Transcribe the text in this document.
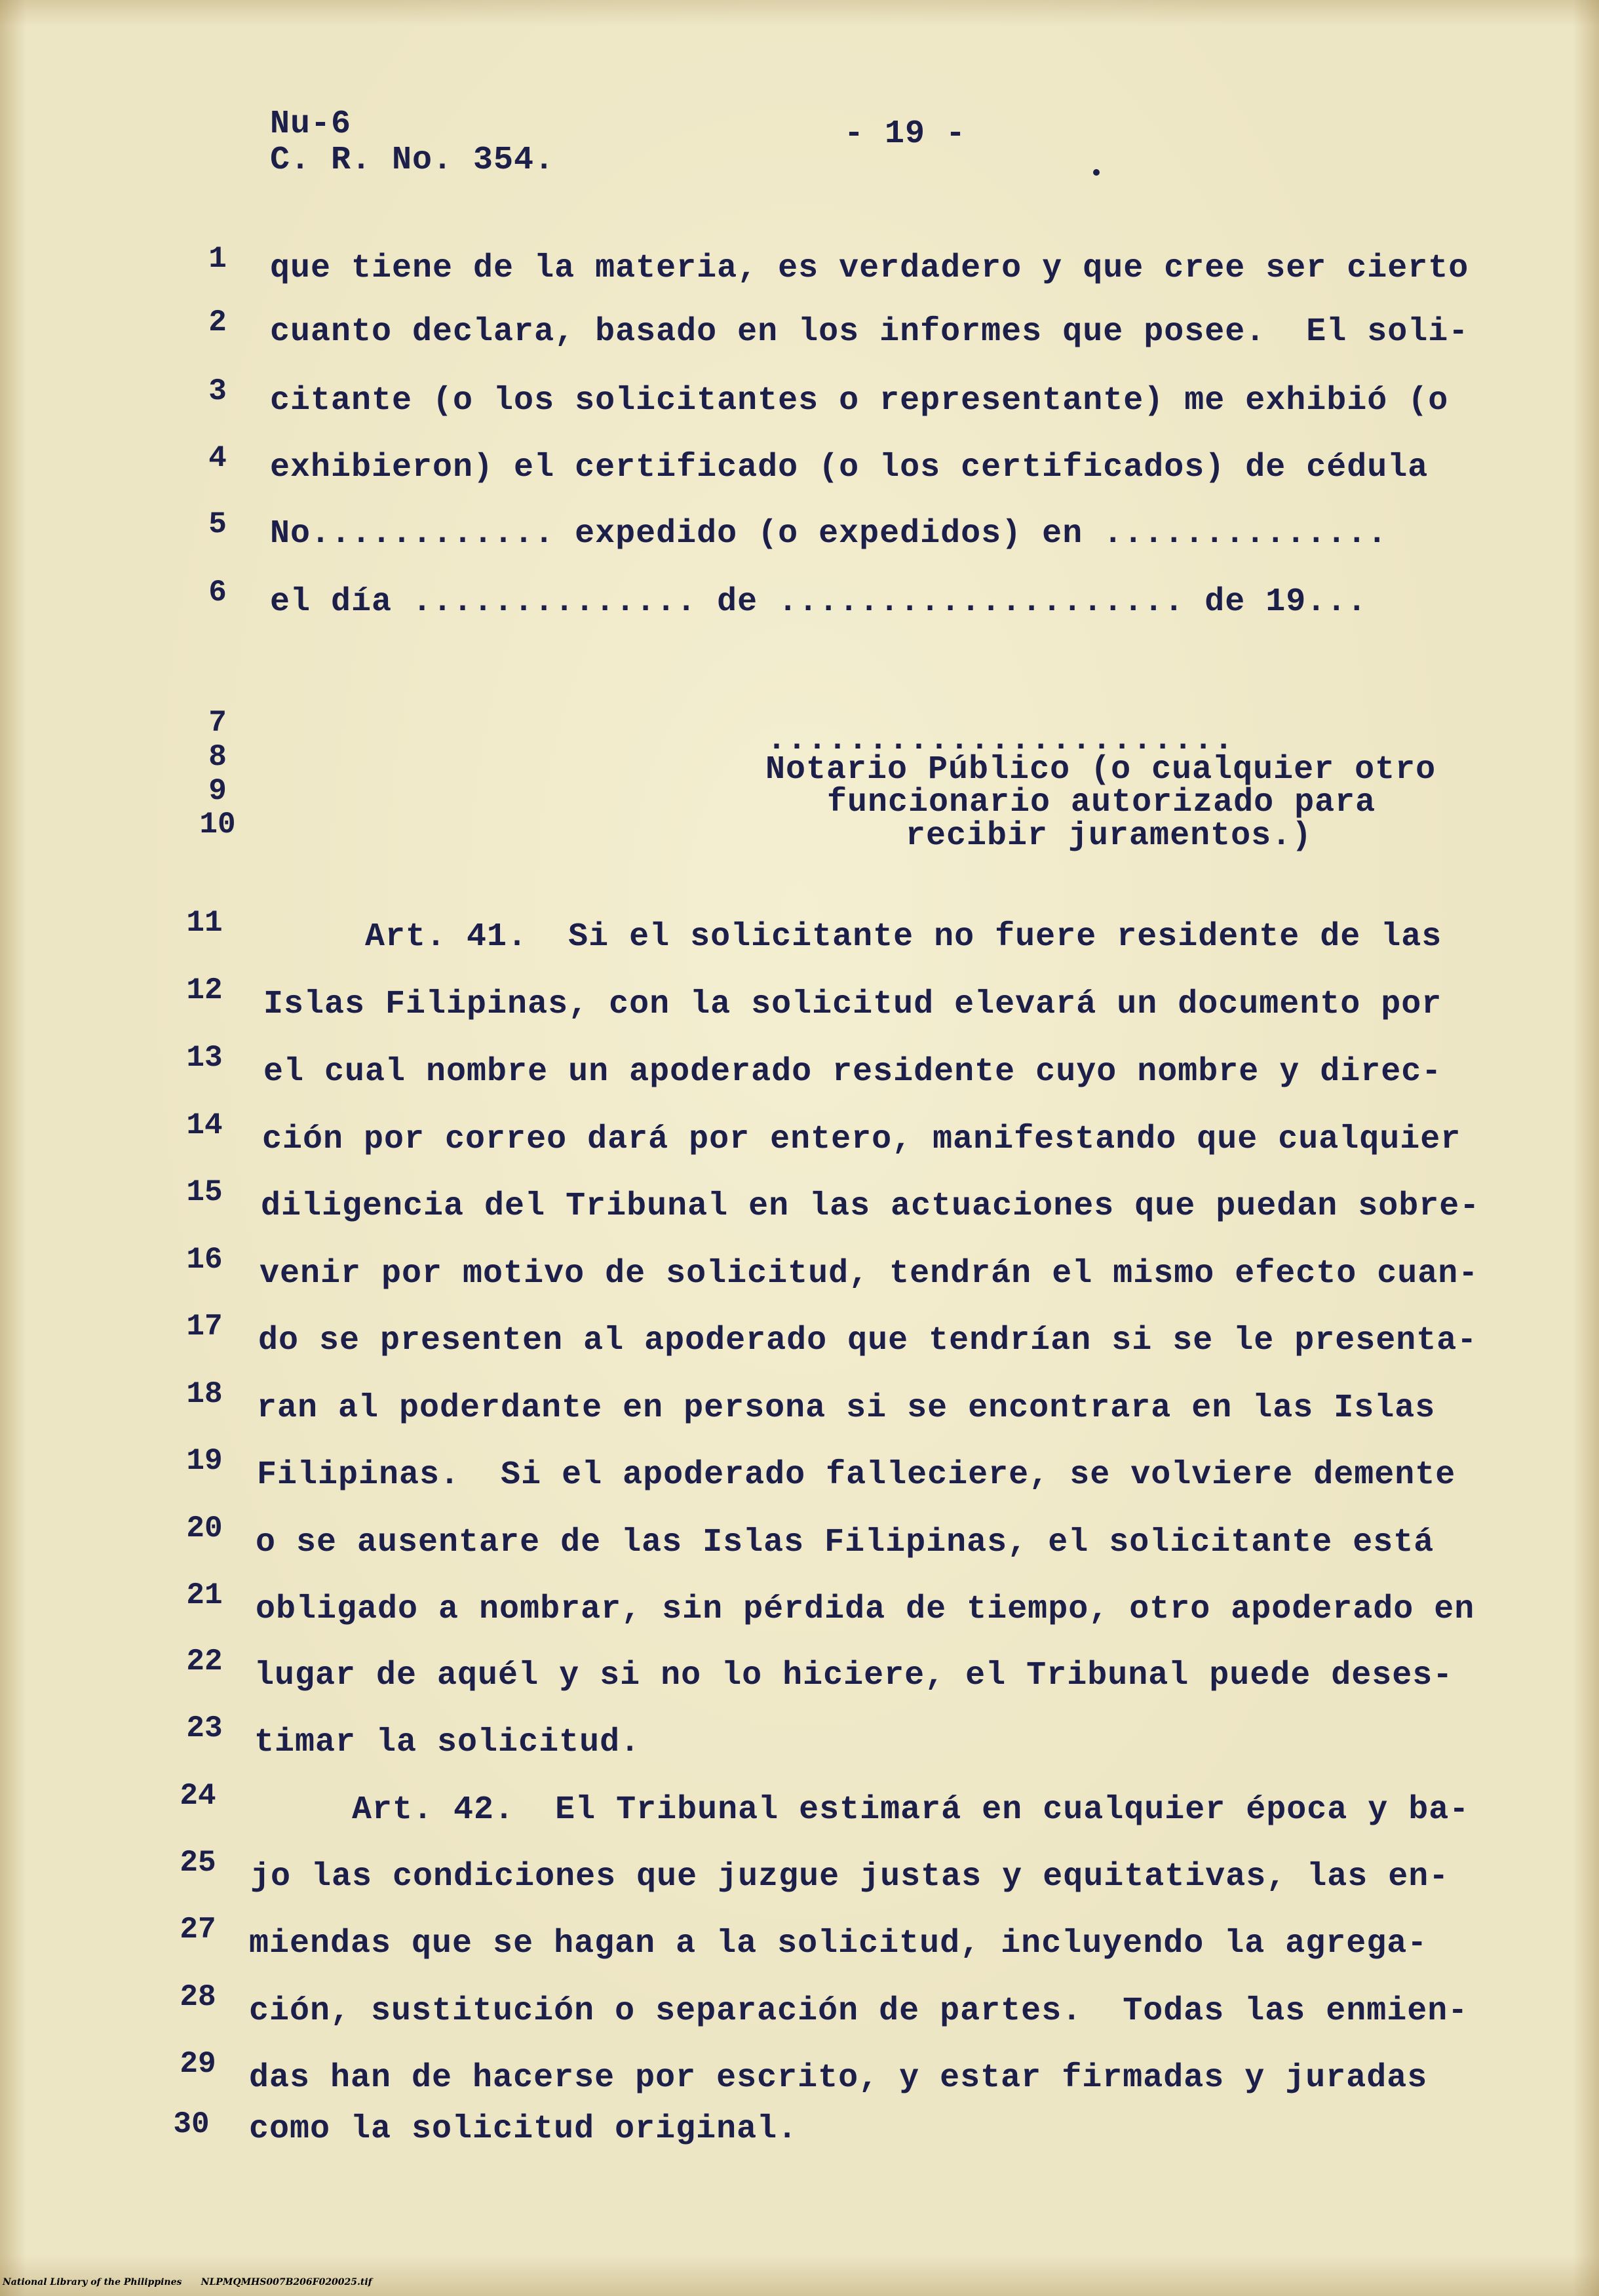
Nu-6
C. R. No. 354.
- 19 -
1
2
3
4
5
6
7
8
9
10
11
12
13
14
15
16
17
18
19
20
21
22
23
24
25
27
28
29
30
que tiene de la materia, es verdadero y que cree ser cierto
cuanto declara, basado en los informes que posee.  El soli-
citante (o los solicitantes o representante) me exhibió (o
exhibieron) el certificado (o los certificados) de cédula
No............ expedido (o expedidos) en ..............
el día .............. de .................... de 19...
.......................
Notario Público (o cualquier otro
funcionario autorizado para
recibir juramentos.)
Art. 41.  Si el solicitante no fuere residente de las
Islas Filipinas, con la solicitud elevará un documento por
el cual nombre un apoderado residente cuyo nombre y direc-
ción por correo dará por entero, manifestando que cualquier
diligencia del Tribunal en las actuaciones que puedan sobre-
venir por motivo de solicitud, tendrán el mismo efecto cuan-
do se presenten al apoderado que tendrían si se le presenta-
ran al poderdante en persona si se encontrara en las Islas
Filipinas.  Si el apoderado falleciere, se volviere demente
o se ausentare de las Islas Filipinas, el solicitante está
obligado a nombrar, sin pérdida de tiempo, otro apoderado en
lugar de aquél y si no lo hiciere, el Tribunal puede deses-
timar la solicitud.
Art. 42.  El Tribunal estimará en cualquier época y ba-
jo las condiciones que juzgue justas y equitativas, las en-
miendas que se hagan a la solicitud, incluyendo la agrega-
ción, sustitución o separación de partes.  Todas las enmien-
das han de hacerse por escrito, y estar firmadas y juradas
como la solicitud original.
National Library of the Philippines NLPMQMHS007B206F020025.tif
